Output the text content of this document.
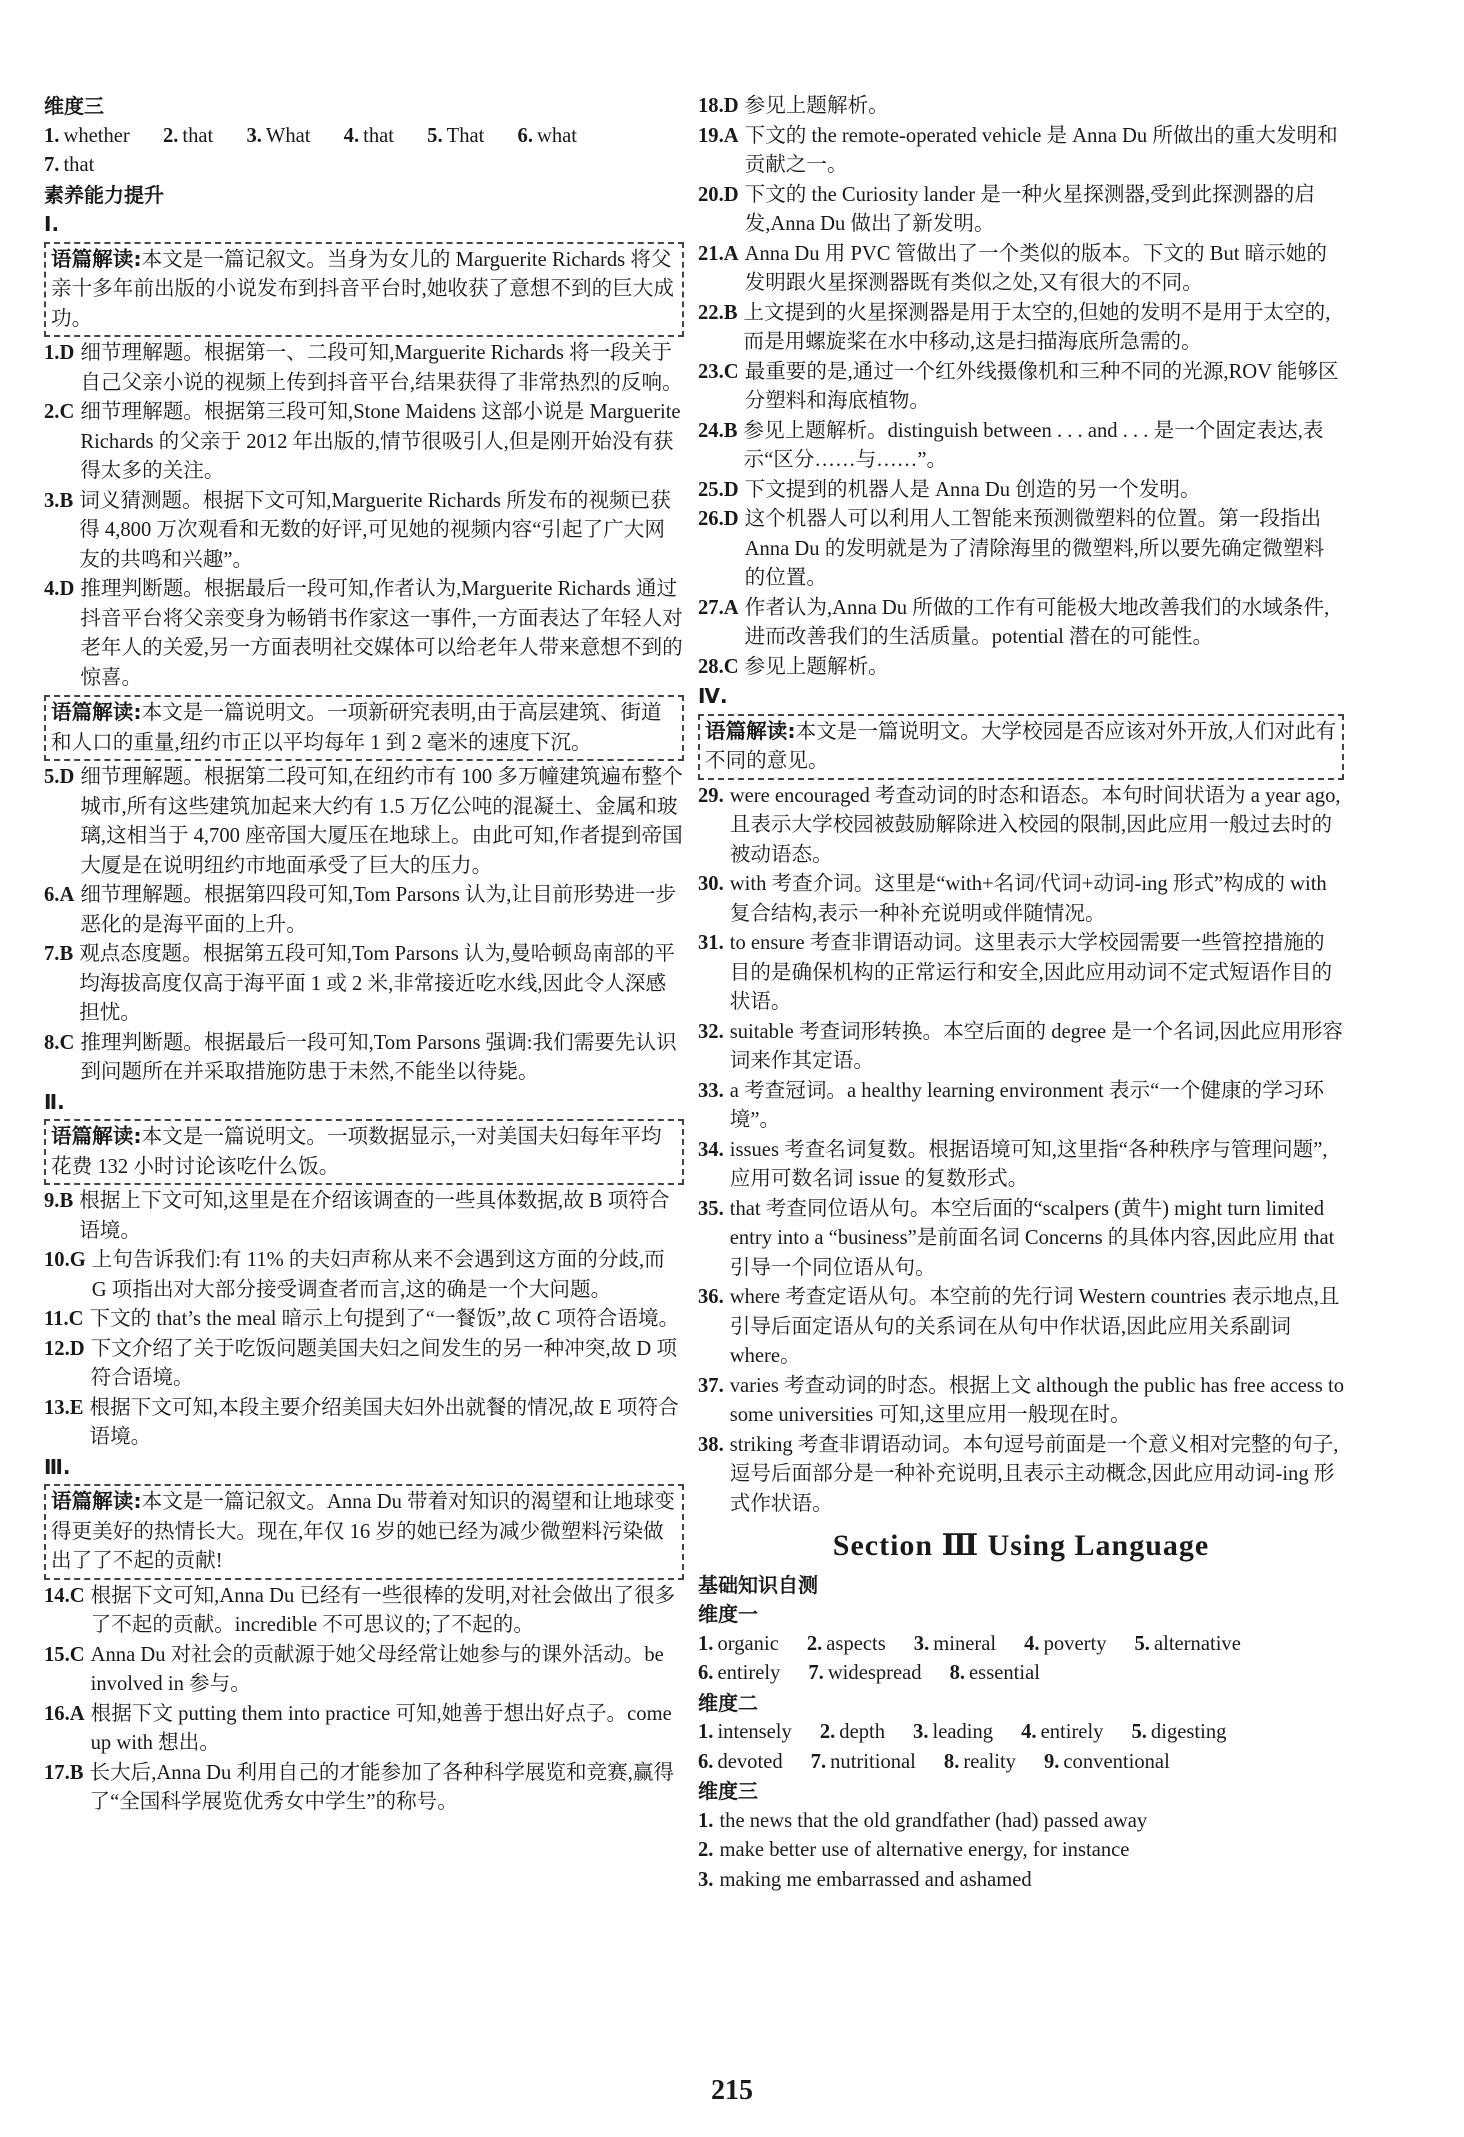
维度三
1. whether 2. that 3. What 4. that 5. That 6. what
7. that
素养能力提升
Ⅰ.
语篇解读:本文是一篇记叙文。当身为女儿的 Marguerite Richards 将父亲十多年前出版的小说发布到抖音平台时,她收获了意想不到的巨大成功。
1.D 细节理解题。根据第一、二段可知,Marguerite Richards 将一段关于自己父亲小说的视频上传到抖音平台,结果获得了非常热烈的反响。
2.C 细节理解题。根据第三段可知,Stone Maidens 这部小说是 Marguerite Richards 的父亲于 2012 年出版的,情节很吸引人,但是刚开始没有获得太多的关注。
3.B 词义猜测题。根据下文可知,Marguerite Richards 所发布的视频已获得 4,800 万次观看和无数的好评,可见她的视频内容“引起了广大网友的共鸣和兴趣”。
4.D 推理判断题。根据最后一段可知,作者认为,Marguerite Richards 通过抖音平台将父亲变身为畅销书作家这一事件,一方面表达了年轻人对老年人的关爱,另一方面表明社交媒体可以给老年人带来意想不到的惊喜。
语篇解读:本文是一篇说明文。一项新研究表明,由于高层建筑、街道和人口的重量,纽约市正以平均每年 1 到 2 毫米的速度下沉。
5.D 细节理解题。根据第二段可知,在纽约市有 100 多万幢建筑遍布整个城市,所有这些建筑加起来大约有 1.5 万亿公吨的混凝土、金属和玻璃,这相当于 4,700 座帝国大厦压在地球上。由此可知,作者提到帝国大厦是在说明纽约市地面承受了巨大的压力。
6.A 细节理解题。根据第四段可知,Tom Parsons 认为,让目前形势进一步恶化的是海平面的上升。
7.B 观点态度题。根据第五段可知,Tom Parsons 认为,曼哈顿岛南部的平均海拔高度仅高于海平面 1 或 2 米,非常接近吃水线,因此令人深感担忧。
8.C 推理判断题。根据最后一段可知,Tom Parsons 强调:我们需要先认识到问题所在并采取措施防患于未然,不能坐以待毙。
Ⅱ.
语篇解读:本文是一篇说明文。一项数据显示,一对美国夫妇每年平均花费 132 小时讨论该吃什么饭。
9.B 根据上下文可知,这里是在介绍该调查的一些具体数据,故 B 项符合语境。
10.G 上句告诉我们:有 11% 的夫妇声称从来不会遇到这方面的分歧,而 G 项指出对大部分接受调查者而言,这的确是一个大问题。
11.C 下文的 that’s the meal 暗示上句提到了“一餐饭”,故 C 项符合语境。
12.D 下文介绍了关于吃饭问题美国夫妇之间发生的另一种冲突,故 D 项符合语境。
13.E 根据下文可知,本段主要介绍美国夫妇外出就餐的情况,故 E 项符合语境。
Ⅲ.
语篇解读:本文是一篇记叙文。Anna Du 带着对知识的渴望和让地球变得更美好的热情长大。现在,年仅 16 岁的她已经为减少微塑料污染做出了了不起的贡献!
14.C 根据下文可知,Anna Du 已经有一些很棒的发明,对社会做出了很多了不起的贡献。incredible 不可思议的;了不起的。
15.C Anna Du 对社会的贡献源于她父母经常让她参与的课外活动。be involved in 参与。
16.A 根据下文 putting them into practice 可知,她善于想出好点子。come up with 想出。
17.B 长大后,Anna Du 利用自己的才能参加了各种科学展览和竞赛,赢得了“全国科学展览优秀女中学生”的称号。
18.D 参见上题解析。
19.A 下文的 the remote-operated vehicle 是 Anna Du 所做出的重大发明和贡献之一。
20.D 下文的 the Curiosity lander 是一种火星探测器,受到此探测器的启发,Anna Du 做出了新发明。
21.A Anna Du 用 PVC 管做出了一个类似的版本。下文的 But 暗示她的发明跟火星探测器既有类似之处,又有很大的不同。
22.B 上文提到的火星探测器是用于太空的,但她的发明不是用于太空的,而是用螺旋桨在水中移动,这是扫描海底所急需的。
23.C 最重要的是,通过一个红外线摄像机和三种不同的光源,ROV 能够区分塑料和海底植物。
24.B 参见上题解析。distinguish between . . . and . . . 是一个固定表达,表示“区分……与……”。
25.D 下文提到的机器人是 Anna Du 创造的另一个发明。
26.D 这个机器人可以利用人工智能来预测微塑料的位置。第一段指出 Anna Du 的发明就是为了清除海里的微塑料,所以要先确定微塑料的位置。
27.A 作者认为,Anna Du 所做的工作有可能极大地改善我们的水域条件,进而改善我们的生活质量。potential 潜在的可能性。
28.C 参见上题解析。
Ⅳ.
语篇解读:本文是一篇说明文。大学校园是否应该对外开放,人们对此有不同的意见。
29. were encouraged 考查动词的时态和语态。本句时间状语为 a year ago,且表示大学校园被鼓励解除进入校园的限制,因此应用一般过去时的被动语态。
30. with 考查介词。这里是“with+名词/代词+动词-ing 形式”构成的 with 复合结构,表示一种补充说明或伴随情况。
31. to ensure 考查非谓语动词。这里表示大学校园需要一些管控措施的目的是确保机构的正常运行和安全,因此应用动词不定式短语作目的状语。
32. suitable 考查词形转换。本空后面的 degree 是一个名词,因此应用形容词来作其定语。
33. a 考查冠词。a healthy learning environment 表示“一个健康的学习环境”。
34. issues 考查名词复数。根据语境可知,这里指“各种秩序与管理问题”,应用可数名词 issue 的复数形式。
35. that 考查同位语从句。本空后面的“scalpers (黄牛) might turn limited entry into a “business”是前面名词 Concerns 的具体内容,因此应用 that 引导一个同位语从句。
36. where 考查定语从句。本空前的先行词 Western countries 表示地点,且引导后面定语从句的关系词在从句中作状语,因此应用关系副词 where。
37. varies 考查动词的时态。根据上文 although the public has free access to some universities 可知,这里应用一般现在时。
38. striking 考查非谓语动词。本句逗号前面是一个意义相对完整的句子,逗号后面部分是一种补充说明,且表示主动概念,因此应用动词-ing 形式作状语。
Section Ⅲ Using Language
基础知识自测
维度一
1. organic 2. aspects 3. mineral 4. poverty 5. alternative
6. entirely 7. widespread 8. essential
维度二
1. intensely 2. depth 3. leading 4. entirely 5. digesting
6. devoted 7. nutritional 8. reality 9. conventional
维度三
1. the news that the old grandfather (had) passed away
2. make better use of alternative energy, for instance
3. making me embarrassed and ashamed
215
